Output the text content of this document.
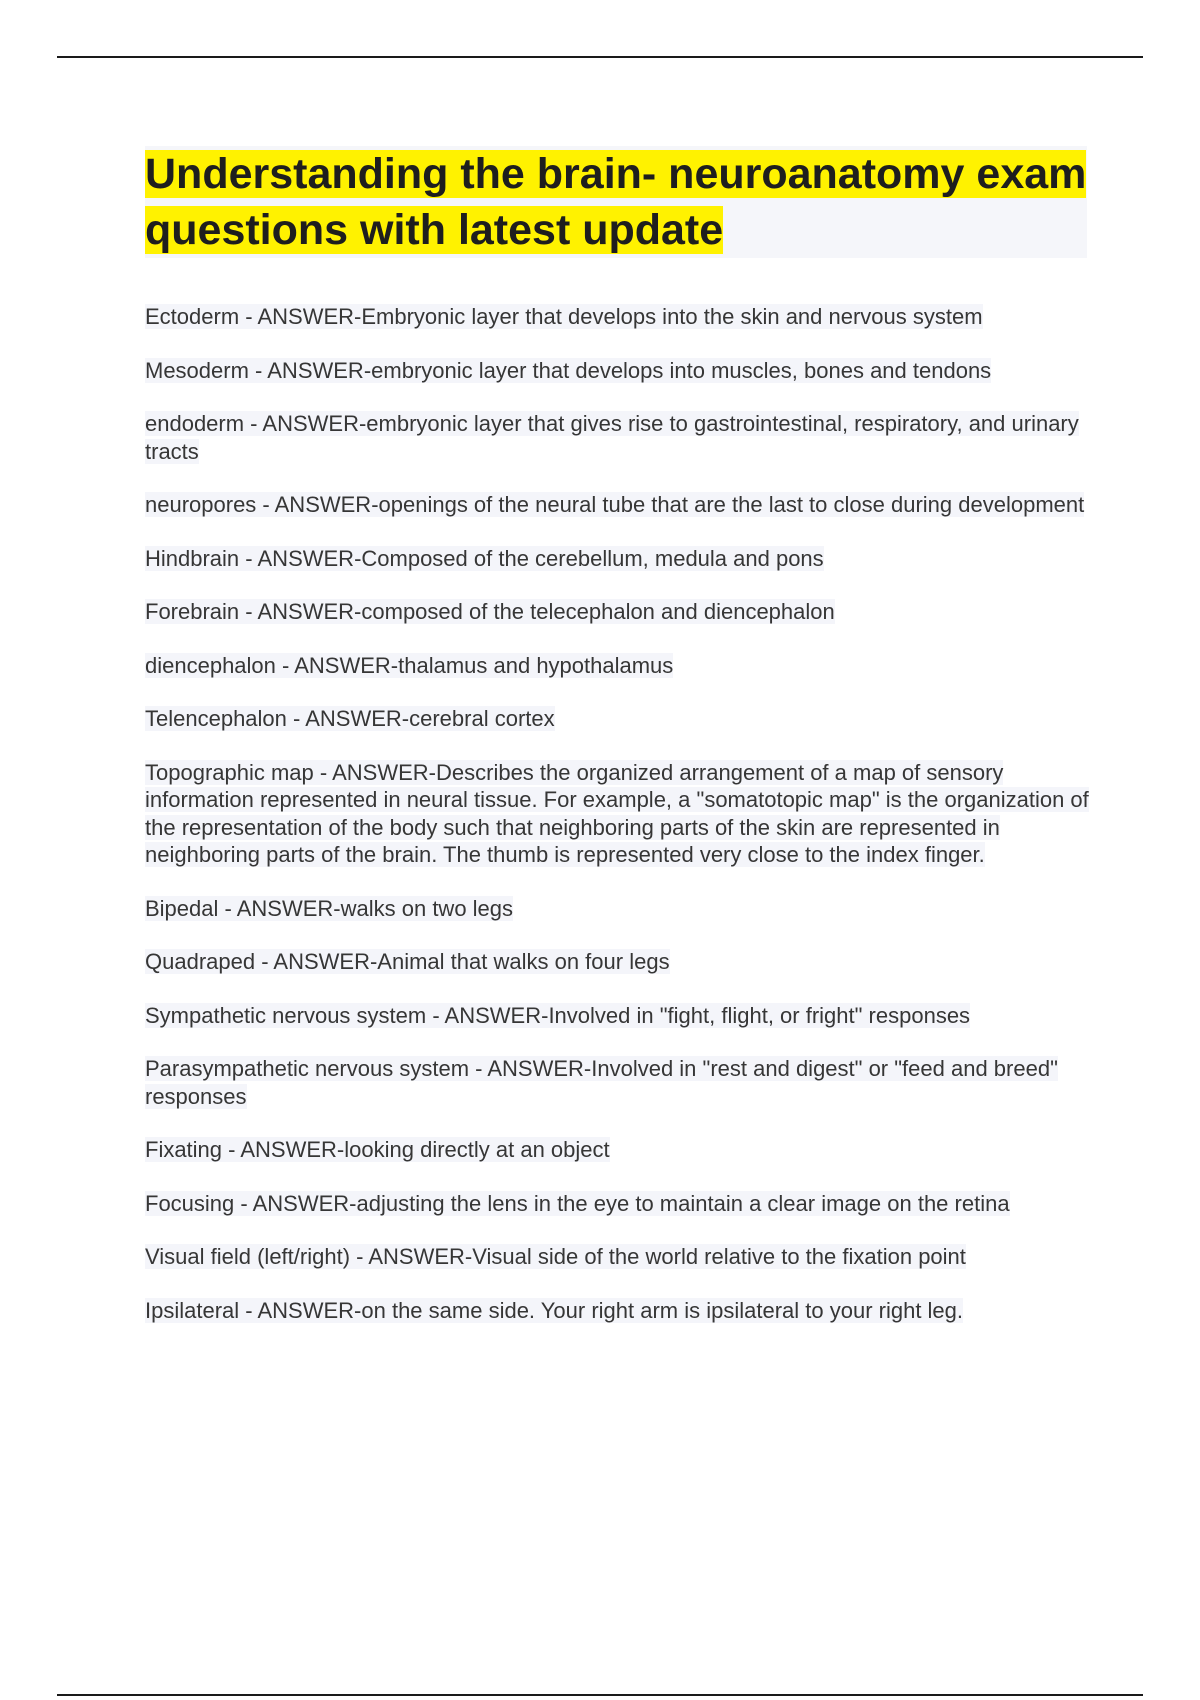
Understanding the brain- neuroanatomy exam questions with latest update

Ectoderm - ANSWER-Embryonic layer that develops into the skin and nervous system

Mesoderm - ANSWER-embryonic layer that develops into muscles, bones and tendons

endoderm - ANSWER-embryonic layer that gives rise to gastrointestinal, respiratory, and urinary tracts

neuropores - ANSWER-openings of the neural tube that are the last to close during development

Hindbrain - ANSWER-Composed of the cerebellum, medula and pons

Forebrain - ANSWER-composed of the telecephalon and diencephalon

diencephalon - ANSWER-thalamus and hypothalamus

Telencephalon - ANSWER-cerebral cortex

Topographic map - ANSWER-Describes the organized arrangement of a map of sensory information represented in neural tissue. For example, a "somatotopic map" is the organization of the representation of the body such that neighboring parts of the skin are represented in neighboring parts of the brain. The thumb is represented very close to the index finger.

Bipedal - ANSWER-walks on two legs

Quadraped - ANSWER-Animal that walks on four legs

Sympathetic nervous system - ANSWER-Involved in "fight, flight, or fright" responses

Parasympathetic nervous system - ANSWER-Involved in "rest and digest" or "feed and breed" responses

Fixating - ANSWER-looking directly at an object

Focusing - ANSWER-adjusting the lens in the eye to maintain a clear image on the retina

Visual field (left/right) - ANSWER-Visual side of the world relative to the fixation point

Ipsilateral - ANSWER-on the same side. Your right arm is ipsilateral to your right leg.
